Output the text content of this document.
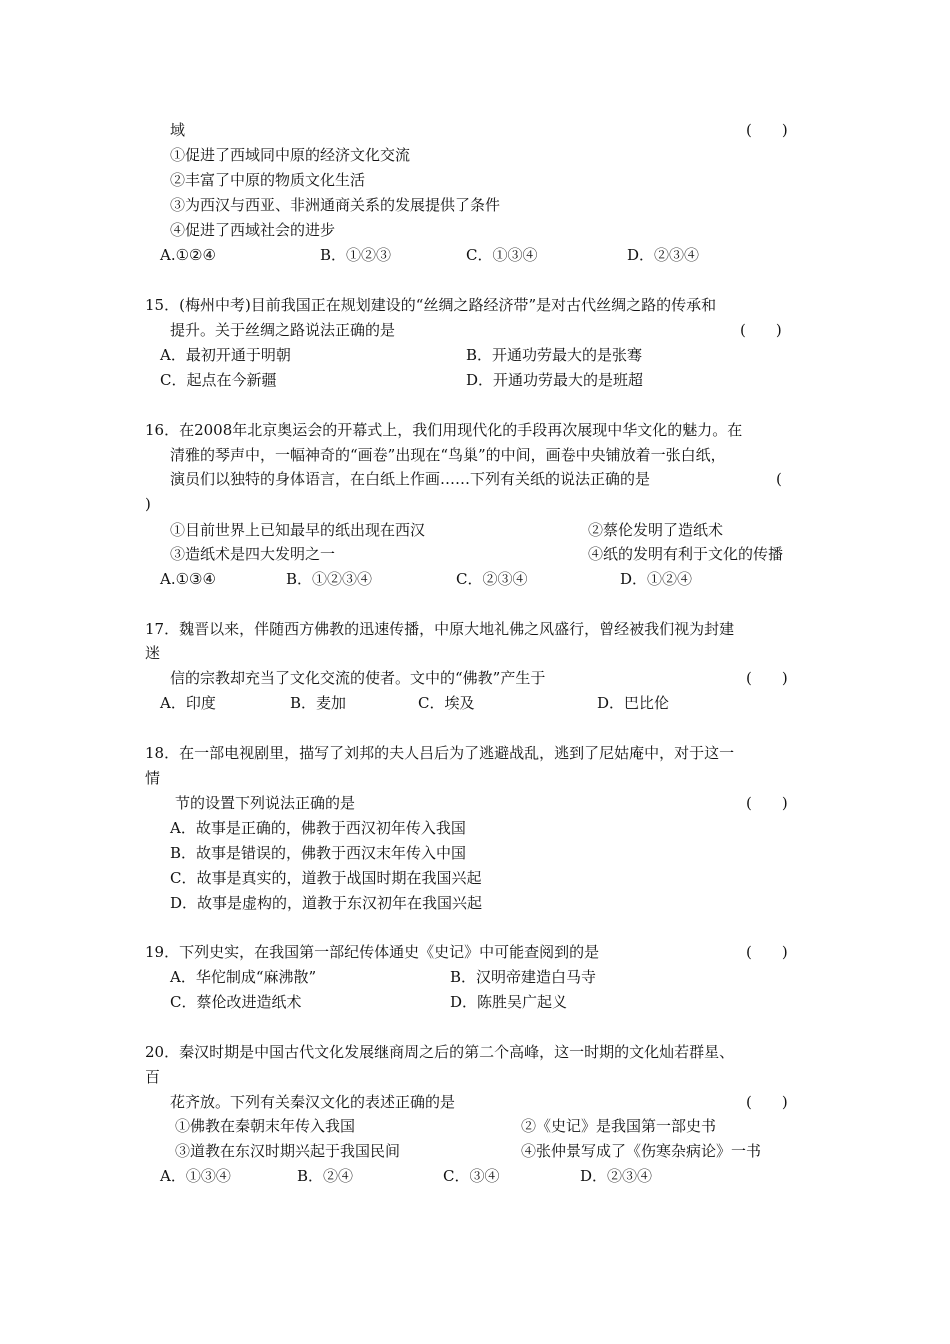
域	(　　)
①促进了西域同中原的经济文化交流
②丰富了中原的物质文化生活
③为西汉与西亚、非洲通商关系的发展提供了条件
④促进了西域社会的进步
A.①②④	B．①②③	C．①③④	D．②③④
15．(梅州中考)目前我国正在规划建设的“丝绸之路经济带”是对古代丝绸之路的传承和
提升。关于丝绸之路说法正确的是	(　　)
A．最初开通于明朝	B．开通功劳最大的是张骞
C．起点在今新疆	D．开通功劳最大的是班超
16．在2008年北京奥运会的开幕式上，我们用现代化的手段再次展现中华文化的魅力。在
清雅的琴声中，一幅神奇的“画卷”出现在“鸟巢”的中间，画卷中央铺放着一张白纸，
演员们以独特的身体语言，在白纸上作画……下列有关纸的说法正确的是	(
)
①目前世界上已知最早的纸出现在西汉	②蔡伦发明了造纸术
③造纸术是四大发明之一	④纸的发明有利于文化的传播
A.①③④	B．①②③④	C．②③④	D．①②④
17．魏晋以来，伴随西方佛教的迅速传播，中原大地礼佛之风盛行，曾经被我们视为封建
迷
信的宗教却充当了文化交流的使者。文中的“佛教”产生于	(　　)
A．印度	B．麦加	C．埃及	D．巴比伦
18．在一部电视剧里，描写了刘邦的夫人吕后为了逃避战乱，逃到了尼姑庵中，对于这一
情
节的设置下列说法正确的是	(　　)
A．故事是正确的，佛教于西汉初年传入我国
B．故事是错误的，佛教于西汉末年传入中国
C．故事是真实的，道教于战国时期在我国兴起
D．故事是虚构的，道教于东汉初年在我国兴起
19．下列史实，在我国第一部纪传体通史《史记》中可能查阅到的是	(　　)
A．华佗制成“麻沸散”	B．汉明帝建造白马寺
C．蔡伦改进造纸术	D．陈胜吴广起义
20．秦汉时期是中国古代文化发展继商周之后的第二个高峰，这一时期的文化灿若群星、
百
花齐放。下列有关秦汉文化的表述正确的是	(　　)
①佛教在秦朝末年传入我国	②《史记》是我国第一部史书
③道教在东汉时期兴起于我国民间	④张仲景写成了《伤寒杂病论》一书
A．①③④	B．②④	C．③④	D．②③④
